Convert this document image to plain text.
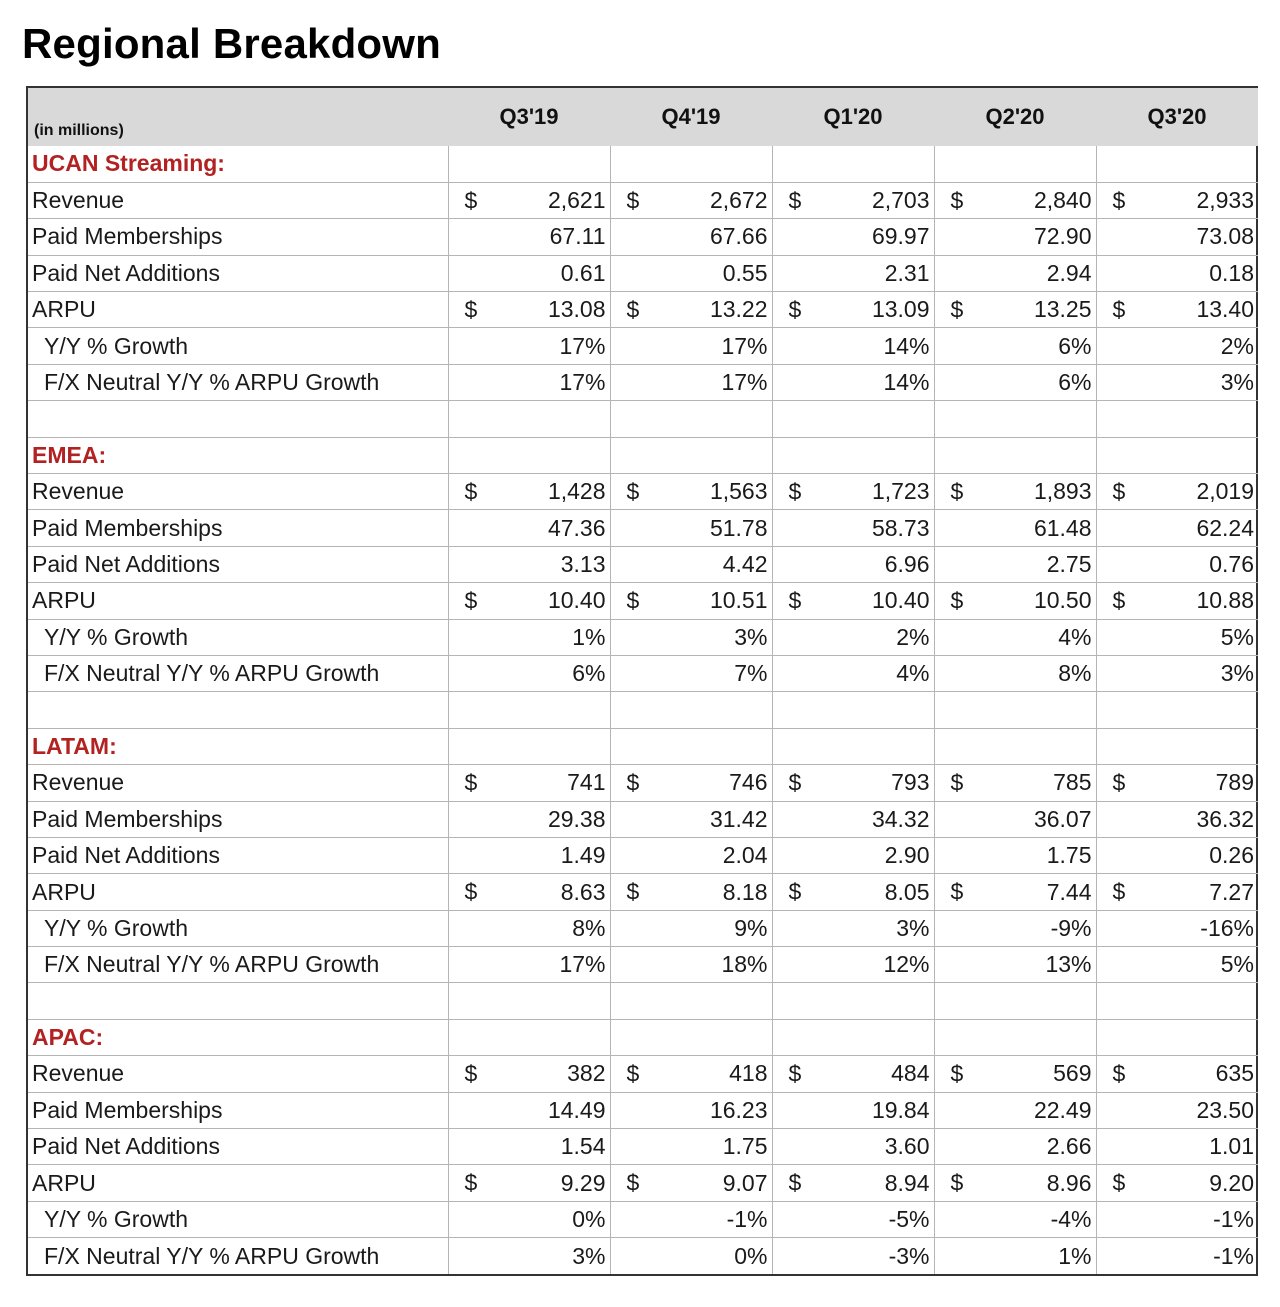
Regional Breakdown
(in millions)	Q3'19	Q4'19	Q1'20	Q2'20	Q3'20
UCAN Streaming:					
Revenue	$ 2,621	$ 2,672	$ 2,703	$ 2,840	$ 2,933
Paid Memberships	67.11	67.66	69.97	72.90	73.08
Paid Net Additions	0.61	0.55	2.31	2.94	0.18
ARPU	$ 13.08	$ 13.22	$ 13.09	$ 13.25	$ 13.40
Y/Y % Growth	17%	17%	14%	6%	2%
F/X Neutral Y/Y % ARPU Growth	17%	17%	14%	6%	3%

EMEA:					
Revenue	$ 1,428	$ 1,563	$ 1,723	$ 1,893	$ 2,019
Paid Memberships	47.36	51.78	58.73	61.48	62.24
Paid Net Additions	3.13	4.42	6.96	2.75	0.76
ARPU	$ 10.40	$ 10.51	$ 10.40	$ 10.50	$ 10.88
Y/Y % Growth	1%	3%	2%	4%	5%
F/X Neutral Y/Y % ARPU Growth	6%	7%	4%	8%	3%

LATAM:					
Revenue	$ 741	$ 746	$ 793	$ 785	$ 789
Paid Memberships	29.38	31.42	34.32	36.07	36.32
Paid Net Additions	1.49	2.04	2.90	1.75	0.26
ARPU	$ 8.63	$ 8.18	$ 8.05	$ 7.44	$ 7.27
Y/Y % Growth	8%	9%	3%	-9%	-16%
F/X Neutral Y/Y % ARPU Growth	17%	18%	12%	13%	5%

APAC:					
Revenue	$ 382	$ 418	$ 484	$ 569	$ 635
Paid Memberships	14.49	16.23	19.84	22.49	23.50
Paid Net Additions	1.54	1.75	3.60	2.66	1.01
ARPU	$ 9.29	$ 9.07	$ 8.94	$ 8.96	$ 9.20
Y/Y % Growth	0%	-1%	-5%	-4%	-1%
F/X Neutral Y/Y % ARPU Growth	3%	0%	-3%	1%	-1%
